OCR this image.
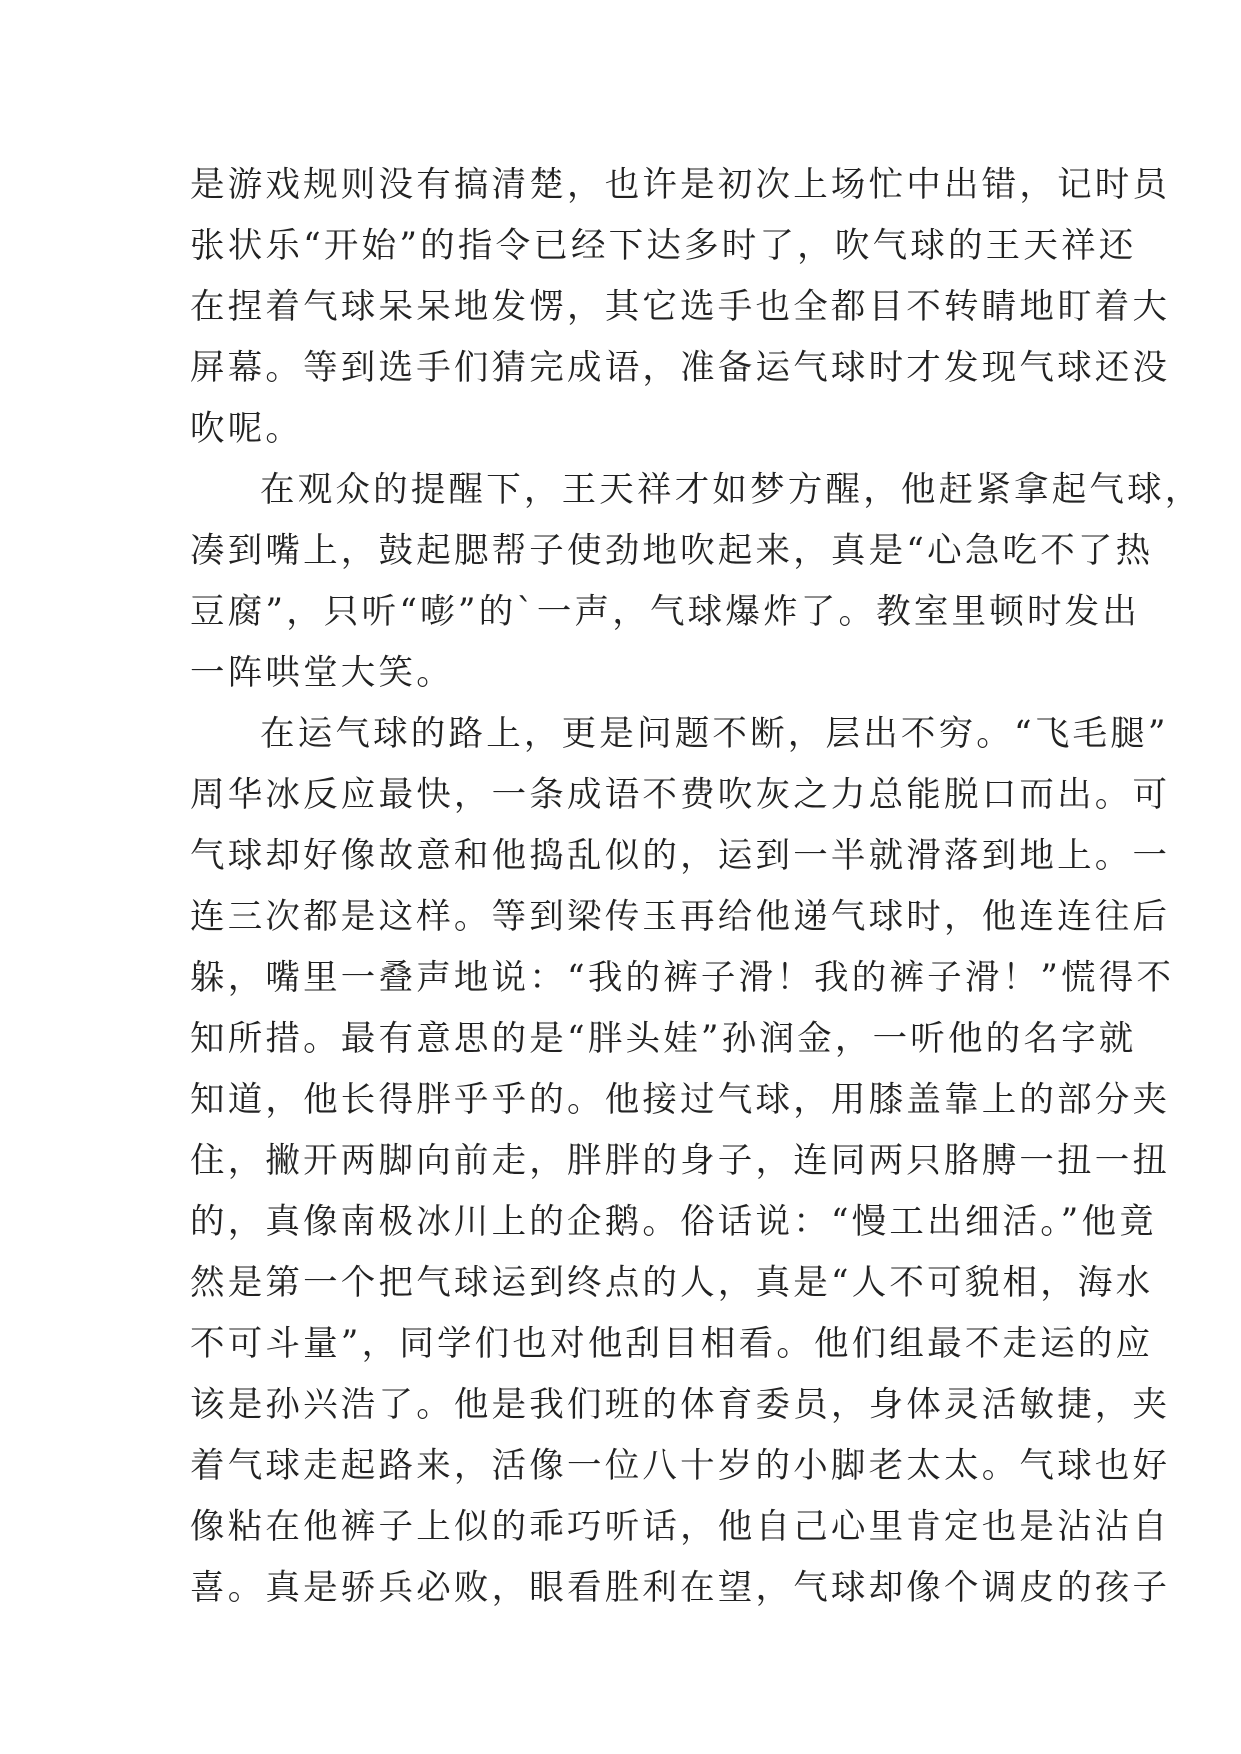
是游戏规则没有搞清楚，也许是初次上场忙中出错，记时员
张状乐“开始”的指令已经下达多时了，吹气球的王天祥还
在捏着气球呆呆地发愣，其它选手也全都目不转睛地盯着大
屏幕。等到选手们猜完成语，准备运气球时才发现气球还没
吹呢。
在观众的提醒下，王天祥才如梦方醒，他赶紧拿起气球，
凑到嘴上，鼓起腮帮子使劲地吹起来，真是“心急吃不了热
豆腐”，只听“嘭”的`一声，气球爆炸了。教室里顿时发出
一阵哄堂大笑。
在运气球的路上，更是问题不断，层出不穷。“飞毛腿”
周华冰反应最快，一条成语不费吹灰之力总能脱口而出。可
气球却好像故意和他捣乱似的，运到一半就滑落到地上。一
连三次都是这样。等到梁传玉再给他递气球时，他连连往后
躲，嘴里一叠声地说：“我的裤子滑！我的裤子滑！”慌得不
知所措。最有意思的是“胖头娃”孙润金，一听他的名字就
知道，他长得胖乎乎的。他接过气球，用膝盖靠上的部分夹
住，撇开两脚向前走，胖胖的身子，连同两只胳膊一扭一扭
的，真像南极冰川上的企鹅。俗话说：“慢工出细活。”他竟
然是第一个把气球运到终点的人，真是“人不可貌相，海水
不可斗量”，同学们也对他刮目相看。他们组最不走运的应
该是孙兴浩了。他是我们班的体育委员，身体灵活敏捷，夹
着气球走起路来，活像一位八十岁的小脚老太太。气球也好
像粘在他裤子上似的乖巧听话，他自己心里肯定也是沾沾自
喜。真是骄兵必败，眼看胜利在望，气球却像个调皮的孩子
